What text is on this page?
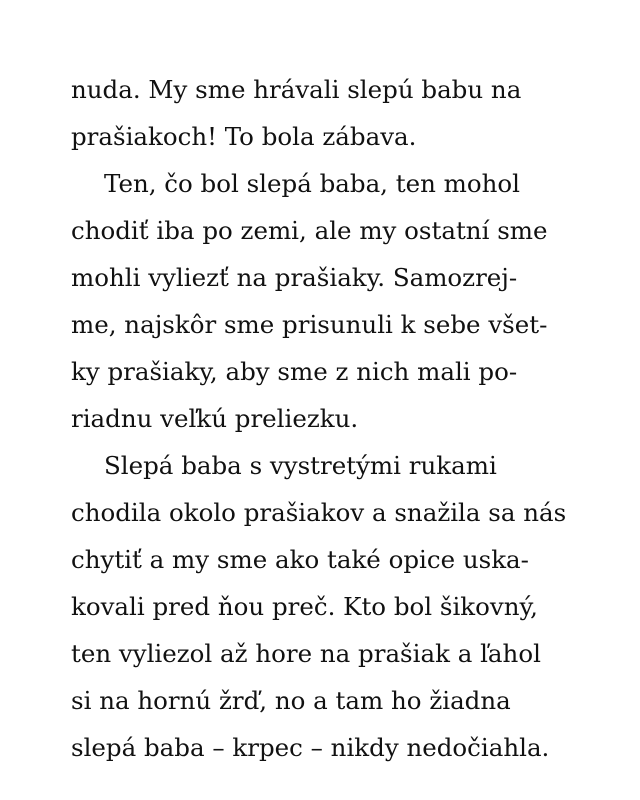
nuda. My sme hrávali slepú babu na
prašiakoch! To bola zábava.
Ten, čo bol slepá baba, ten mohol
chodiť iba po zemi, ale my ostatní sme
mohli vyliezť na prašiaky. Samozrej-
me, najskôr sme prisunuli k sebe všet-
ky prašiaky, aby sme z nich mali po-
riadnu veľkú preliezku.
Slepá baba s vystretými rukami
chodila okolo prašiakov a snažila sa nás
chytiť a my sme ako také opice uska-
kovali pred ňou preč. Kto bol šikovný,
ten vyliezol až hore na prašiak a ľahol
si na hornú žrď, no a tam ho žiadna
slepá baba – krpec – nikdy nedočiahla.
